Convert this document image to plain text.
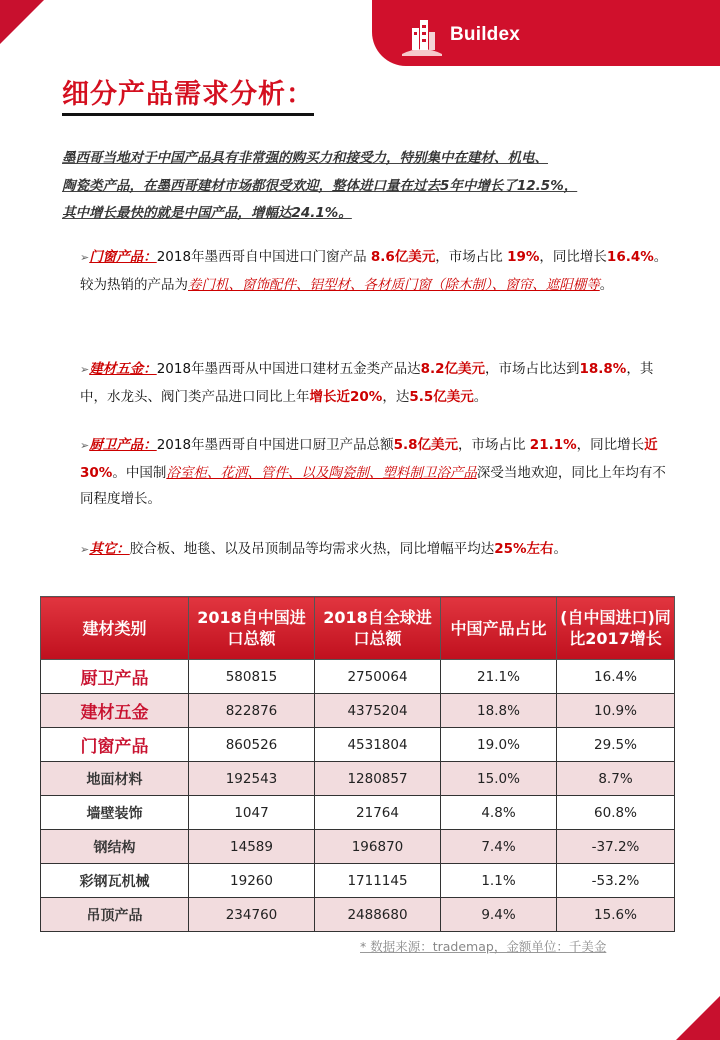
Buildex
细分产品需求分析：
墨西哥当地对于中国产品具有非常强的购买力和接受力，特别集中在建材、机电、
陶瓷类产品，在墨西哥建材市场都很受欢迎，整体进口量在过去5年中增长了12.5%，
其中增长最快的就是中国产品，增幅达24.1%。
➢门窗产品：2018年墨西哥自中国进口门窗产品 8.6亿美元，市场占比 19%，同比增长16.4%。较为热销的产品为卷门机、窗饰配件、铝型材、各材质门窗（除木制）、窗帘、遮阳棚等。
➢建材五金：2018年墨西哥从中国进口建材五金类产品达8.2亿美元，市场占比达到18.8%，其中，水龙头、阀门类产品进口同比上年增长近20%，达5.5亿美元。
➢厨卫产品：2018年墨西哥自中国进口厨卫产品总额5.8亿美元，市场占比 21.1%，同比增长近 30%。中国制浴室柜、花洒、管件、以及陶瓷制、塑料制卫浴产品深受当地欢迎，同比上年均有不同程度增长。
➢其它：胶合板、地毯、以及吊顶制品等均需求火热，同比增幅平均达25%左右。
建材类别	2018自中国进口总额	2018自全球进口总额	中国产品占比	(自中国进口)同比2017增长
厨卫产品	580815	2750064	21.1%	16.4%
建材五金	822876	4375204	18.8%	10.9%
门窗产品	860526	4531804	19.0%	29.5%
地面材料	192543	1280857	15.0%	8.7%
墙壁装饰	1047	21764	4.8%	60.8%
钢结构	14589	196870	7.4%	-37.2%
彩钢瓦机械	19260	1711145	1.1%	-53.2%
吊顶产品	234760	2488680	9.4%	15.6%
* 数据来源：trademap，金额单位：千美金
